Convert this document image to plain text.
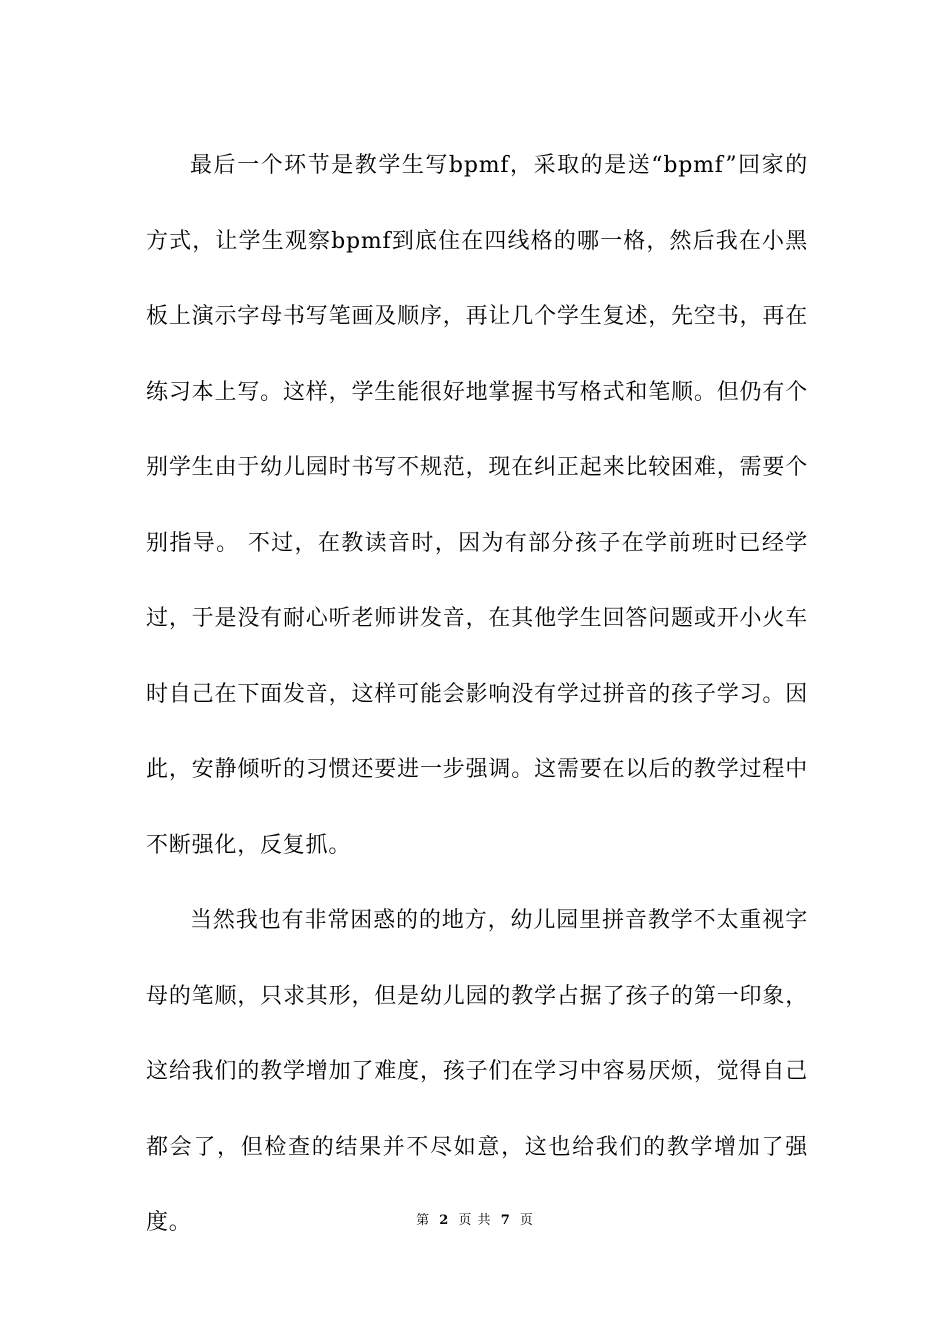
最后一个环节是教学生写bpmf，采取的是送“bpmf”回家的方式，让学生观察bpmf到底住在四线格的哪一格，然后我在小黑板上演示字母书写笔画及顺序，再让几个学生复述，先空书，再在练习本上写。这样，学生能很好地掌握书写格式和笔顺。但仍有个别学生由于幼儿园时书写不规范，现在纠正起来比较困难，需要个别指导。 不过，在教读音时，因为有部分孩子在学前班时已经学过，于是没有耐心听老师讲发音，在其他学生回答问题或开小火车时自己在下面发音，这样可能会影响没有学过拼音的孩子学习。因此，安静倾听的习惯还要进一步强调。这需要在以后的教学过程中不断强化，反复抓。

当然我也有非常困惑的的地方，幼儿园里拼音教学不太重视字母的笔顺，只求其形，但是幼儿园的教学占据了孩子的第一印象，这给我们的教学增加了难度，孩子们在学习中容易厌烦，觉得自己都会了，但检查的结果并不尽如意，这也给我们的教学增加了强度。	第 2 页 共 7 页
